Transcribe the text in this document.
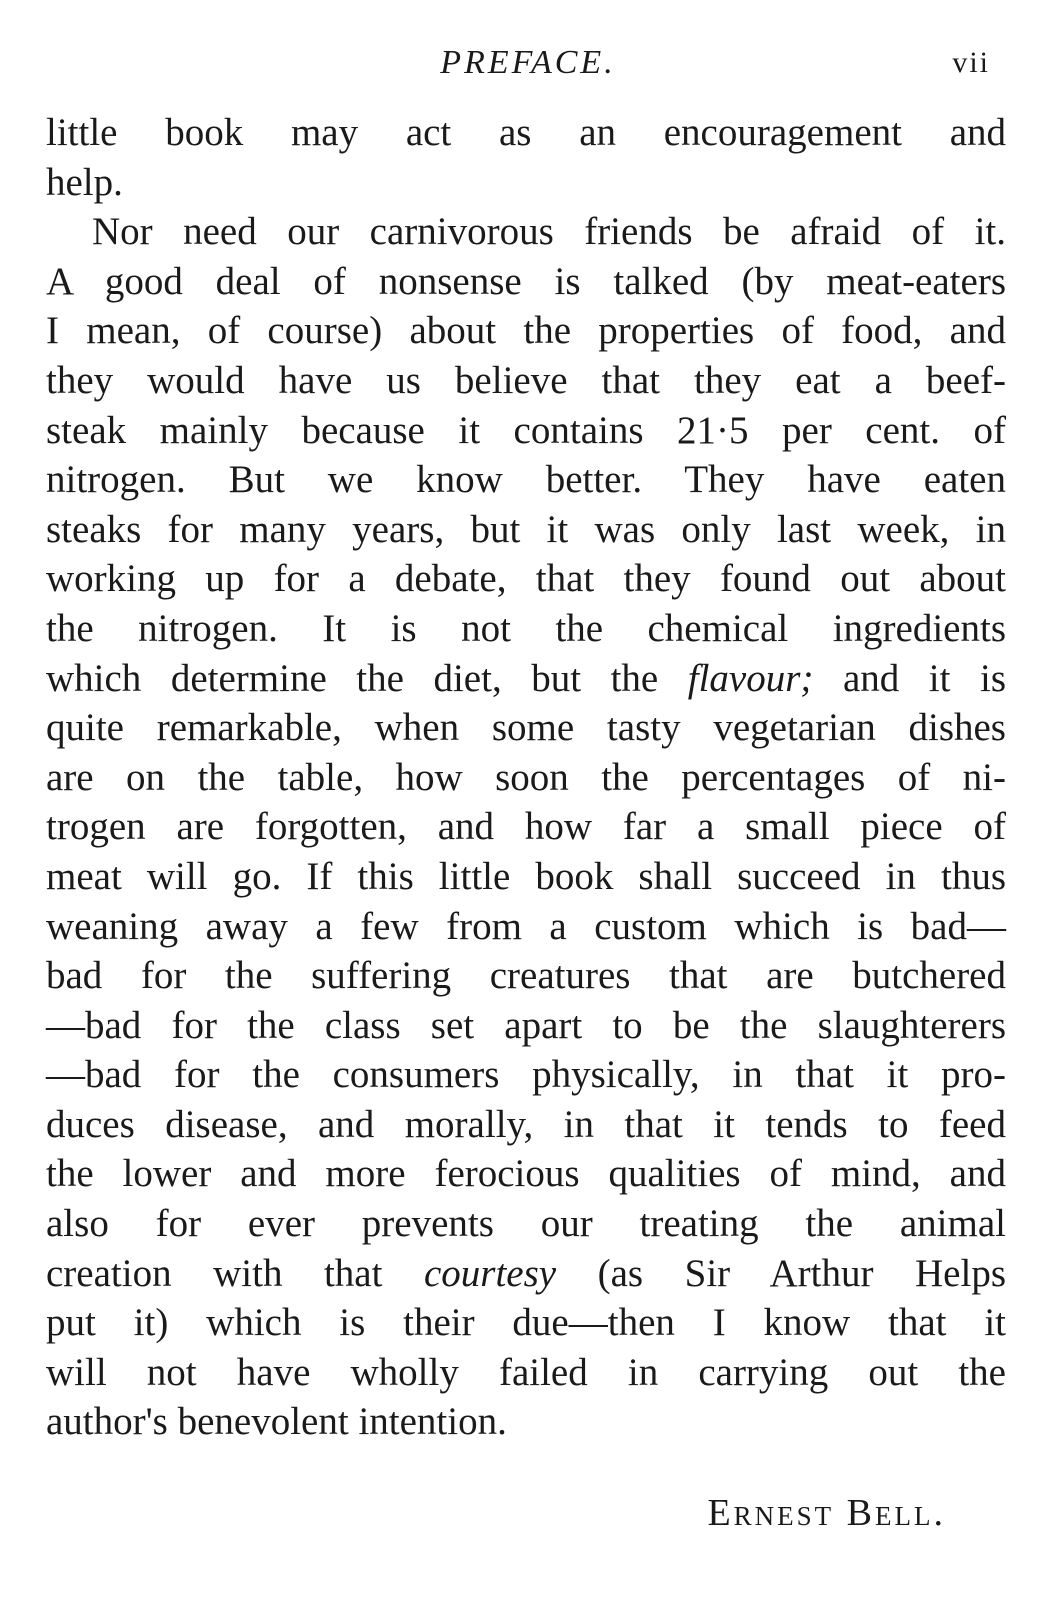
PREFACE.	vii
little book may act as an encouragement and
help.
Nor need our carnivorous friends be afraid of it.
A good deal of nonsense is talked (by meat-eaters
I mean, of course) about the properties of food, and
they would have us believe that they eat a beef-
steak mainly because it contains 21·5 per cent. of
nitrogen. But we know better. They have eaten
steaks for many years, but it was only last week, in
working up for a debate, that they found out about
the nitrogen. It is not the chemical ingredients
which determine the diet, but the flavour; and it is
quite remarkable, when some tasty vegetarian dishes
are on the table, how soon the percentages of ni-
trogen are forgotten, and how far a small piece of
meat will go. If this little book shall succeed in thus
weaning away a few from a custom which is bad—
bad for the suffering creatures that are butchered
—bad for the class set apart to be the slaughterers
—bad for the consumers physically, in that it pro-
duces disease, and morally, in that it tends to feed
the lower and more ferocious qualities of mind, and
also for ever prevents our treating the animal
creation with that courtesy (as Sir Arthur Helps
put it) which is their due—then I know that it
will not have wholly failed in carrying out the
author's benevolent intention.
Ernest Bell.
